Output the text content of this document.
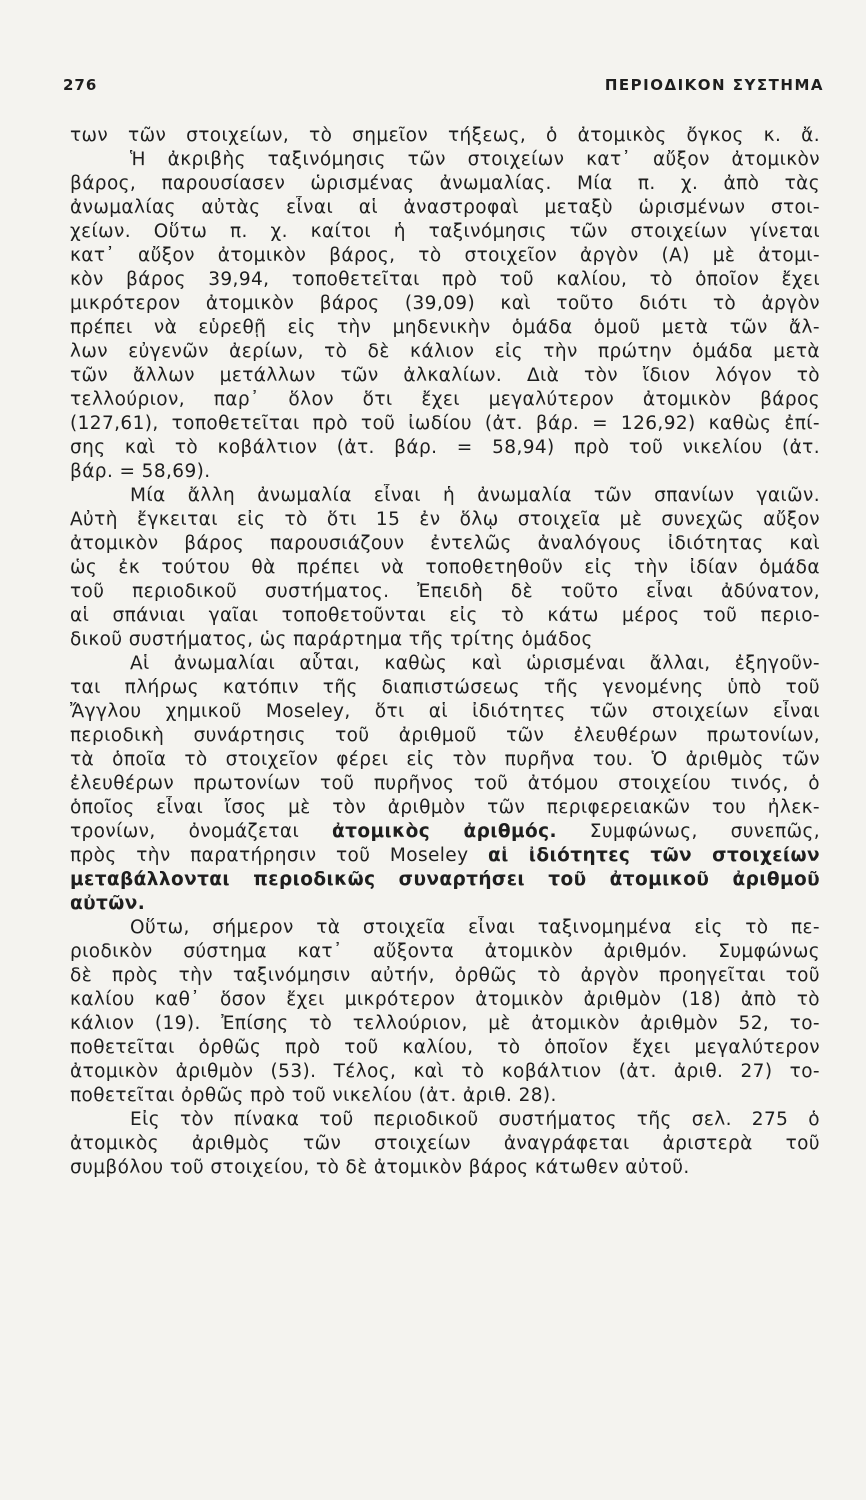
276	ΠΕΡΙΟΔΙΚΟΝ ΣΥΣΤΗΜΑ
των τῶν στοιχείων, τὸ σημεῖον τήξεως, ὁ ἀτομικὸς ὄγκος κ. ἄ.
Ἡ ἀκριβὴς ταξινόμησις τῶν στοιχείων κατ᾽ αὔξον ἀτομικὸν
βάρος, παρουσίασεν ὡρισμένας ἀνωμαλίας. Μία π. χ. ἀπὸ τὰς
ἀνωμαλίας αὐτὰς εἶναι αἱ ἀναστροφαὶ μεταξὺ ὡρισμένων στοι-
χείων. Οὕτω π. χ. καίτοι ἡ ταξινόμησις τῶν στοιχείων γίνεται
κατ᾽ αὔξον ἀτομικὸν βάρος, τὸ στοιχεῖον ἀργὸν (Α) μὲ ἀτομι-
κὸν βάρος 39,94, τοποθετεῖται πρὸ τοῦ καλίου, τὸ ὁποῖον ἔχει
μικρότερον ἀτομικὸν βάρος (39,09) καὶ τοῦτο διότι τὸ ἀργὸν
πρέπει νὰ εὑρεθῇ εἰς τὴν μηδενικὴν ὁμάδα ὁμοῦ μετὰ τῶν ἄλ-
λων εὐγενῶν ἀερίων, τὸ δὲ κάλιον εἰς τὴν πρώτην ὁμάδα μετὰ
τῶν ἄλλων μετάλλων τῶν ἀλκαλίων. Διὰ τὸν ἴδιον λόγον τὸ
τελλούριον, παρ᾽ ὅλον ὅτι ἔχει μεγαλύτερον ἀτομικὸν βάρος
(127,61), τοποθετεῖται πρὸ τοῦ ἰωδίου (ἀτ. βάρ. = 126,92) καθὼς ἐπί-
σης καὶ τὸ κοβάλτιον (ἀτ. βάρ. = 58,94) πρὸ τοῦ νικελίου (ἀτ.
βάρ. = 58,69).
Μία ἄλλη ἀνωμαλία εἶναι ἡ ἀνωμαλία τῶν σπανίων γαιῶν.
Αὐτὴ ἔγκειται εἰς τὸ ὅτι 15 ἐν ὅλῳ στοιχεῖα μὲ συνεχῶς αὔξον
ἀτομικὸν βάρος παρουσιάζουν ἐντελῶς ἀναλόγους ἰδιότητας καὶ
ὡς ἐκ τούτου θὰ πρέπει νὰ τοποθετηθοῦν εἰς τὴν ἰδίαν ὁμάδα
τοῦ περιοδικοῦ συστήματος. Ἐπειδὴ δὲ τοῦτο εἶναι ἀδύνατον,
αἱ σπάνιαι γαῖαι τοποθετοῦνται εἰς τὸ κάτω μέρος τοῦ περιο-
δικοῦ συστήματος, ὡς παράρτημα τῆς τρίτης ὁμάδος
Αἱ ἀνωμαλίαι αὗται, καθὼς καὶ ὡρισμέναι ἄλλαι, ἐξηγοῦν-
ται πλήρως κατόπιν τῆς διαπιστώσεως τῆς γενομένης ὑπὸ τοῦ
Ἄγγλου χημικοῦ Moseley, ὅτι αἱ ἰδιότητες τῶν στοιχείων εἶναι
περιοδικὴ συνάρτησις τοῦ ἀριθμοῦ τῶν ἐλευθέρων πρωτονίων,
τὰ ὁποῖα τὸ στοιχεῖον φέρει εἰς τὸν πυρῆνα του. Ὁ ἀριθμὸς τῶν
ἐλευθέρων πρωτονίων τοῦ πυρῆνος τοῦ ἀτόμου στοιχείου τινός, ὁ
ὁποῖος εἶναι ἴσος μὲ τὸν ἀριθμὸν τῶν περιφερειακῶν του ἠλεκ-
τρονίων, ὀνομάζεται ἀτομικὸς ἀριθμός. Συμφώνως, συνεπῶς,
πρὸς τὴν παρατήρησιν τοῦ Moseley αἱ ἰδιότητες τῶν στοιχείων
μεταβάλλονται περιοδικῶς συναρτήσει τοῦ ἀτομικοῦ ἀριθμοῦ
αὐτῶν.
Οὕτω, σήμερον τὰ στοιχεῖα εἶναι ταξινομημένα εἰς τὸ πε-
ριοδικὸν σύστημα κατ᾽ αὔξοντα ἀτομικὸν ἀριθμόν. Συμφώνως
δὲ πρὸς τὴν ταξινόμησιν αὐτήν, ὀρθῶς τὸ ἀργὸν προηγεῖται τοῦ
καλίου καθ᾽ ὅσον ἔχει μικρότερον ἀτομικὸν ἀριθμὸν (18) ἀπὸ τὸ
κάλιον (19). Ἐπίσης τὸ τελλούριον, μὲ ἀτομικὸν ἀριθμὸν 52, το-
ποθετεῖται ὀρθῶς πρὸ τοῦ καλίου, τὸ ὁποῖον ἔχει μεγαλύτερον
ἀτομικὸν ἀριθμὸν (53). Τέλος, καὶ τὸ κοβάλτιον (ἀτ. ἀριθ. 27) το-
ποθετεῖται ὀρθῶς πρὸ τοῦ νικελίου (ἀτ. ἀριθ. 28).
Εἰς τὸν πίνακα τοῦ περιοδικοῦ συστήματος τῆς σελ. 275 ὁ
ἀτομικὸς ἀριθμὸς τῶν στοιχείων ἀναγράφεται ἀριστερὰ τοῦ
συμβόλου τοῦ στοιχείου, τὸ δὲ ἀτομικὸν βάρος κάτωθεν αὐτοῦ.
